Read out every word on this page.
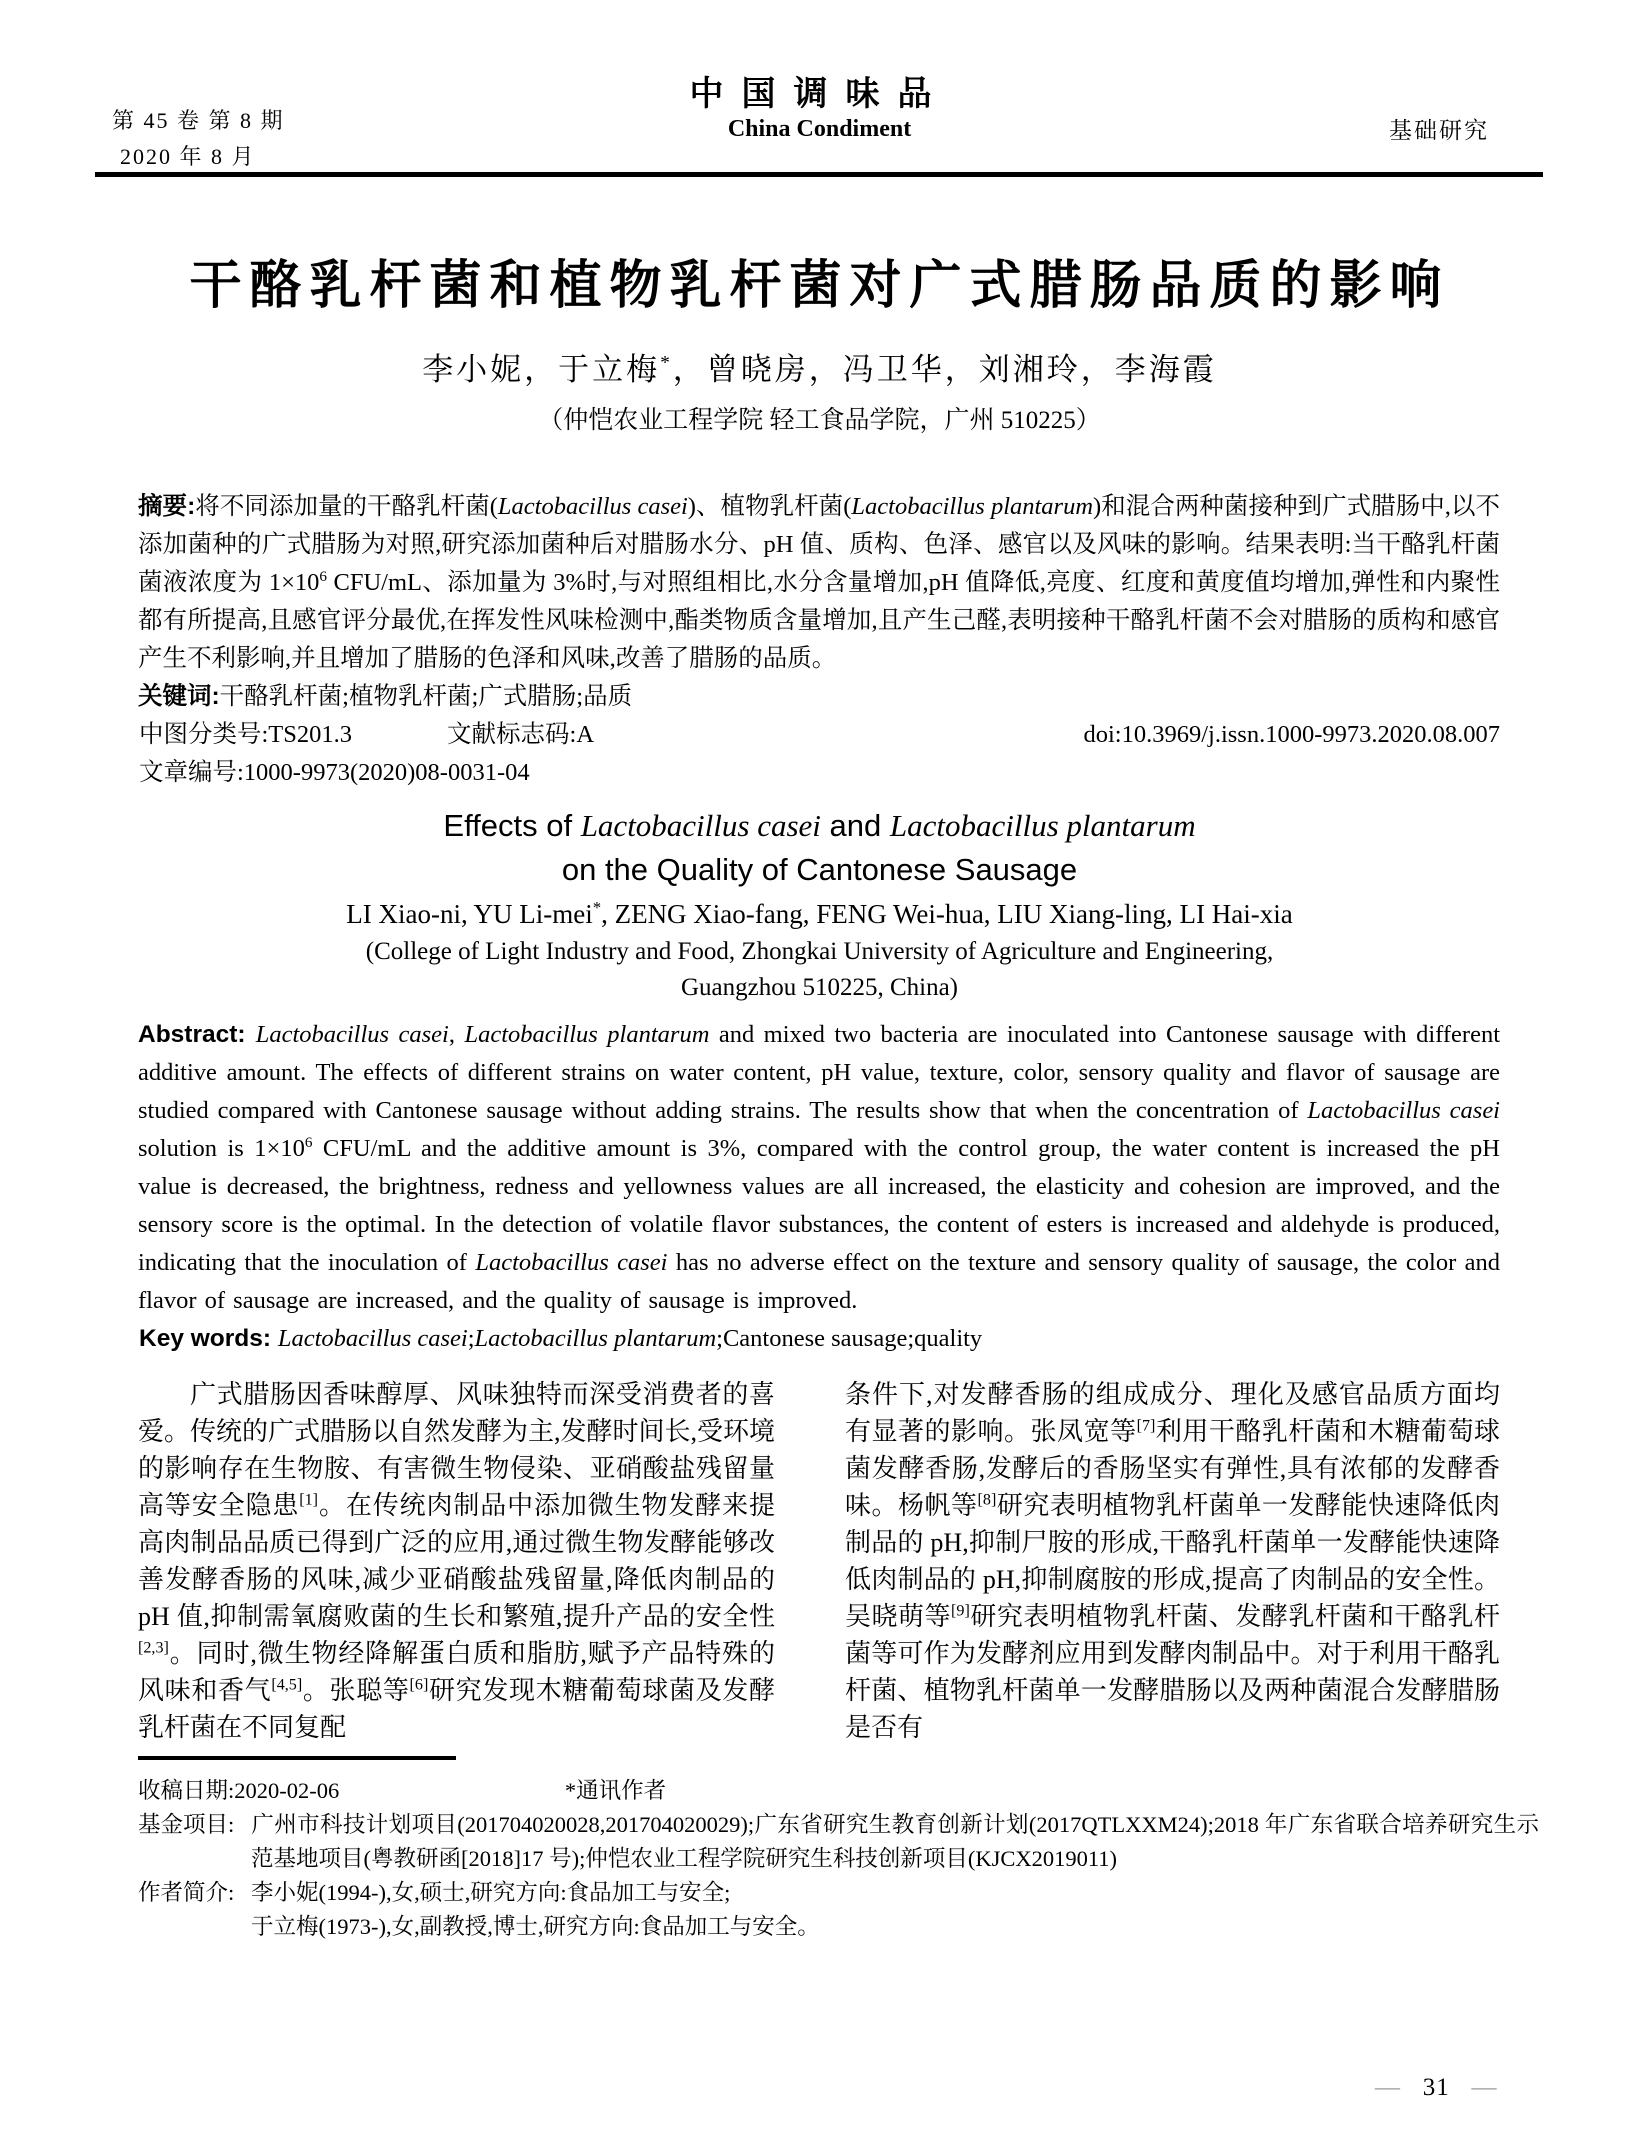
第 45 卷 第 8 期
2020 年 8 月
中国调味品
China Condiment	基础研究
干酪乳杆菌和植物乳杆菌对广式腊肠品质的影响

李小妮，于立梅*，曾晓房，冯卫华，刘湘玲，李海霞

（仲恺农业工程学院 轻工食品学院，广州 510225）

摘要:将不同添加量的干酪乳杆菌(Lactobacillus casei)、植物乳杆菌(Lactobacillus plantarum)和混合两种菌接种到广式腊肠中,以不添加菌种的广式腊肠为对照,研究添加菌种后对腊肠水分、pH 值、质构、色泽、感官以及风味的影响。结果表明:当干酪乳杆菌菌液浓度为 $1\times 10^6$ CFU/mL、添加量为 3%时,与对照组相比,水分含量增加,pH 值降低,亮度、红度和黄度值均增加,弹性和内聚性都有所提高,且感官评分最优,在挥发性风味检测中,酯类物质含量增加,且产生己醛,表明接种干酪乳杆菌不会对腊肠的质构和感官产生不利影响,并且增加了腊肠的色泽和风味,改善了腊肠的品质。

关键词:干酪乳杆菌;植物乳杆菌;广式腊肠;品质

中图分类号:TS201.3	文献标志码:A	doi:10.3969/j.issn.1000-9973.2020.08.007

文章编号:1000-9973(2020)08-0031-04

Effects of Lactobacillus casei and Lactobacillus plantarum

on the Quality of Cantonese Sausage

LI Xiao-ni, YU Li-mei*, ZENG Xiao-fang, FENG Wei-hua, LIU Xiang-ling, LI Hai-xia

(College of Light Industry and Food, Zhongkai University of Agriculture and Engineering,

Guangzhou 510225, China)

Abstract: Lactobacillus casei, Lactobacillus plantarum and mixed two bacteria are inoculated into Cantonese sausage with different additive amount. The effects of different strains on water content, pH value, texture, color, sensory quality and flavor of sausage are studied compared with Cantonese sausage without adding strains. The results show that when the concentration of Lactobacillus casei solution is $1\times 10^6$ CFU/mL and the additive amount is 3%, compared with the control group, the water content is increased the pH value is decreased, the brightness, redness and yellowness values are all increased, the elasticity and cohesion are improved, and the sensory score is the optimal. In the detection of volatile flavor substances, the content of esters is increased and aldehyde is produced, indicating that the inoculation of Lactobacillus casei has no adverse effect on the texture and sensory quality of sausage, the color and flavor of sausage are increased, and the quality of sausage is improved.

Key words: Lactobacillus casei;Lactobacillus plantarum;Cantonese sausage;quality

广式腊肠因香味醇厚、风味独特而深受消费者的喜爱。传统的广式腊肠以自然发酵为主,发酵时间长,受环境的影响存在生物胺、有害微生物侵染、亚硝酸盐残留量高等安全隐患[1]。在传统肉制品中添加微生物发酵来提高肉制品品质已得到广泛的应用,通过微生物发酵能够改善发酵香肠的风味,减少亚硝酸盐残留量,降低肉制品的 pH 值,抑制需氧腐败菌的生长和繁殖,提升产品的安全性[2,3]。同时,微生物经降解蛋白质和脂肪,赋予产品特殊的风味和香气[4,5]。张聪等[6]研究发现木糖葡萄球菌及发酵乳杆菌在不同复配

条件下,对发酵香肠的组成成分、理化及感官品质方面均有显著的影响。张凤宽等[7]利用干酪乳杆菌和木糖葡萄球菌发酵香肠,发酵后的香肠坚实有弹性,具有浓郁的发酵香味。杨帆等[8]研究表明植物乳杆菌单一发酵能快速降低肉制品的 pH,抑制尸胺的形成,干酪乳杆菌单一发酵能快速降低肉制品的 pH,抑制腐胺的形成,提高了肉制品的安全性。吴晓萌等[9]研究表明植物乳杆菌、发酵乳杆菌和干酪乳杆菌等可作为发酵剂应用到发酵肉制品中。对于利用干酪乳杆菌、植物乳杆菌单一发酵腊肠以及两种菌混合发酵腊肠是否有

收稿日期:2020-02-06	*通讯作者

基金项目: 广州市科技计划项目(201704020028,201704020029);广东省研究生教育创新计划(2017QTLXXM24);2018 年广东省联合培养研究生示范基地项目(粤教研函[2018]17 号);仲恺农业工程学院研究生科技创新项目(KJCX2019011)

作者简介: 李小妮(1994-),女,硕士,研究方向:食品加工与安全;
于立梅(1973-),女,副教授,博士,研究方向:食品加工与安全。

— 31 —
